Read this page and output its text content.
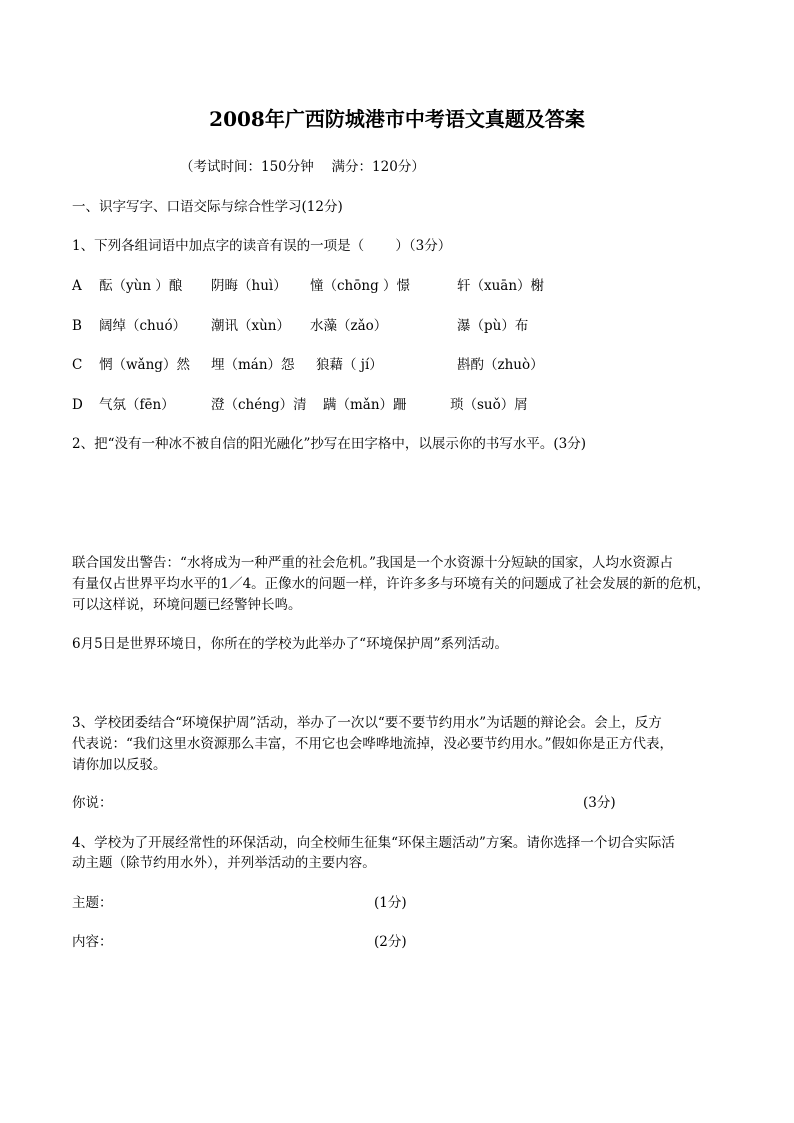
2008年广西防城港市中考语文真题及答案
（考试时间：150分钟　 满分：120分）
一、识字写字、口语交际与综合性学习(12分)
1、下列各组词语中加点字的读音有误的一项是（　　 ）（3分）
A 酝（yùn ）酿 阴晦（huì） 憧（chōng ）憬	轩（xuān）榭
B 阔绰（chuó） 潮讯（xùn） 水藻（zǎo）	瀑（pù）布
C 惘（wǎng）然 埋（mán）怨 狼藉（ jí）	斟酌（zhuò）
D 气氛（fēn）	澄（chéng）清 蹒（mǎn）跚	琐（suǒ）屑
2、把“没有一种冰不被自信的阳光融化”抄写在田字格中，以展示你的书写水平。(3分)
联合国发出警告：“水将成为一种严重的社会危机。”我国是一个水资源十分短缺的国家，人均水资源占
有量仅占世界平均水平的1／4。正像水的问题一样，许许多多与环境有关的问题成了社会发展的新的危机，
可以这样说，环境问题已经警钟长鸣。
6月5日是世界环境日，你所在的学校为此举办了“环境保护周”系列活动。
3、学校团委结合“环境保护周”活动，举办了一次以“要不要节约用水”为话题的辩论会。会上，反方
代表说：“我们这里水资源那么丰富，不用它也会哗哗地流掉，没必要节约用水。”假如你是正方代表，
请你加以反驳。
你说：	(3分)
4、学校为了开展经常性的环保活动，向全校师生征集“环保主题活动”方案。请你选择一个切合实际活
动主题（除节约用水外），并列举活动的主要内容。
主题：	(1分)
内容：	(2分)
